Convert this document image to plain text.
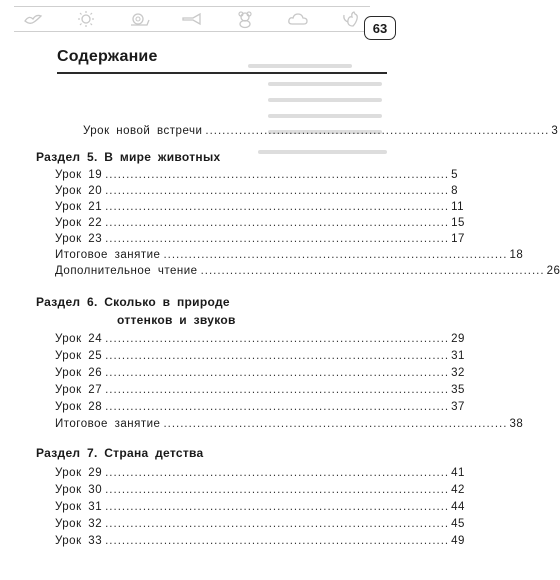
63
Содержание
Урок новой встречи .................................................................................. 3
Раздел 5. В мире животных
Урок 19 .................................................................................. 5
Урок 20 .................................................................................. 8
Урок 21 .................................................................................. 11
Урок 22 .................................................................................. 15
Урок 23 .................................................................................. 17
Итоговое занятие .................................................................................. 18
Дополнительное чтение .................................................................................. 26
Раздел 6. Сколько в природе
оттенков и звуков
Урок 24 .................................................................................. 29
Урок 25 .................................................................................. 31
Урок 26 .................................................................................. 32
Урок 27 .................................................................................. 35
Урок 28 .................................................................................. 37
Итоговое занятие .................................................................................. 38
Раздел 7. Страна детства
Урок 29 .................................................................................. 41
Урок 30 .................................................................................. 42
Урок 31 .................................................................................. 44
Урок 32 .................................................................................. 45
Урок 33 .................................................................................. 49
